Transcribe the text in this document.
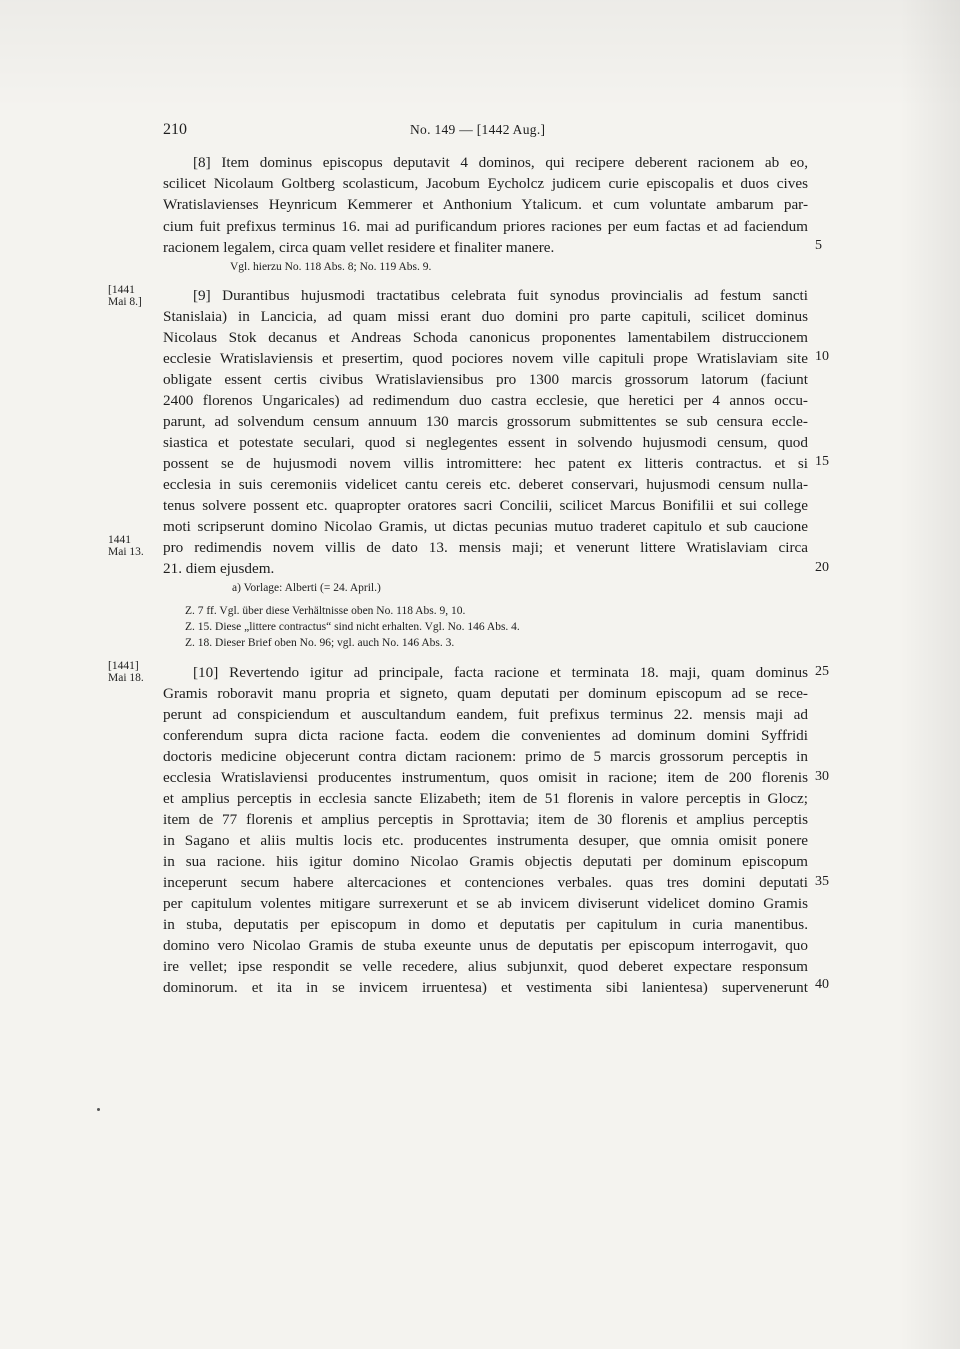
210	No. 149 — [1442 Aug.]
[8] Item dominus episcopus deputavit 4 dominos, qui recipere deberent racionem ab eo,
scilicet Nicolaum Goltberg scolasticum, Jacobum Eycholcz judicem curie episcopalis et duos cives
Wratislavienses Heynricum Kemmerer et Anthonium Ytalicum. et cum voluntate ambarum par-
cium fuit prefixus terminus 16. mai ad purificandum priores raciones per eum factas et ad faciendum
racionem legalem, circa quam vellet residere et finaliter manere.
[9] Durantibus hujusmodi tractatibus celebrata fuit synodus provincialis ad festum sancti
Stanislaia) in Lancicia, ad quam missi erant duo domini pro parte capituli, scilicet dominus
Nicolaus Stok decanus et Andreas Schoda canonicus proponentes lamentabilem distruccionem
ecclesie Wratislaviensis et presertim, quod pociores novem ville capituli prope Wratislaviam site
obligate essent certis civibus Wratislaviensibus pro 1300 marcis grossorum latorum (faciunt
2400 florenos Ungaricales) ad redimendum duo castra ecclesie, que heretici per 4 annos occu-
parunt, ad solvendum censum annuum 130 marcis grossorum submittentes se sub censura eccle-
siastica et potestate seculari, quod si neglegentes essent in solvendo hujusmodi censum, quod
possent se de hujusmodi novem villis intromittere: hec patent ex litteris contractus. et si
ecclesia in suis ceremoniis videlicet cantu cereis etc. deberet conservari, hujusmodi censum nulla-
tenus solvere possent etc. quapropter oratores sacri Concilii, scilicet Marcus Bonifilii et sui college
moti scripserunt domino Nicolao Gramis, ut dictas pecunias mutuo traderet capitulo et sub caucione
pro redimendis novem villis de dato 13. mensis maji; et venerunt littere Wratislaviam circa
21. diem ejusdem.
[10] Revertendo igitur ad principale, facta racione et terminata 18. maji, quam dominus
Gramis roboravit manu propria et signeto, quam deputati per dominum episcopum ad se rece-
perunt ad conspiciendum et auscultandum eandem, fuit prefixus terminus 22. mensis maji ad
conferendum supra dicta racione facta. eodem die convenientes ad dominum domini Syffridi
doctoris medicine objecerunt contra dictam racionem: primo de 5 marcis grossorum perceptis in
ecclesia Wratislaviensi producentes instrumentum, quos omisit in racione; item de 200 florenis
et amplius perceptis in ecclesia sancte Elizabeth; item de 51 florenis in valore perceptis in Glocz;
item de 77 florenis et amplius perceptis in Sprottavia; item de 30 florenis et amplius perceptis
in Sagano et aliis multis locis etc. producentes instrumenta desuper, que omnia omisit ponere
in sua racione. hiis igitur domino Nicolao Gramis objectis deputati per dominum episcopum
inceperunt secum habere altercaciones et contenciones verbales. quas tres domini deputati
per capitulum volentes mitigare surrexerunt et se ab invicem diviserunt videlicet domino Gramis
in stuba, deputatis per episcopum in domo et deputatis per capitulum in curia manentibus.
domino vero Nicolao Gramis de stuba exeunte unus de deputatis per episcopum interrogavit, quo
ire vellet; ipse respondit se velle recedere, alius subjunxit, quod deberet expectare responsum
dominorum. et ita in se invicem irruentesa) et vestimenta sibi lanientesa) supervenerunt
5
10
15
20
25
30
35
40
[1441
Mai 8.]
1441
Mai 13.
[1441]
Mai 18.
Vgl. hierzu No. 118 Abs. 8; No. 119 Abs. 9.
a) Vorlage: Alberti (= 24. April.)
Z. 7 ff. Vgl. über diese Verhältnisse oben No. 118 Abs. 9, 10.
Z. 15. Diese „littere contractus“ sind nicht erhalten. Vgl. No. 146 Abs. 4.
Z. 18. Dieser Brief oben No. 96; vgl. auch No. 146 Abs. 3.
